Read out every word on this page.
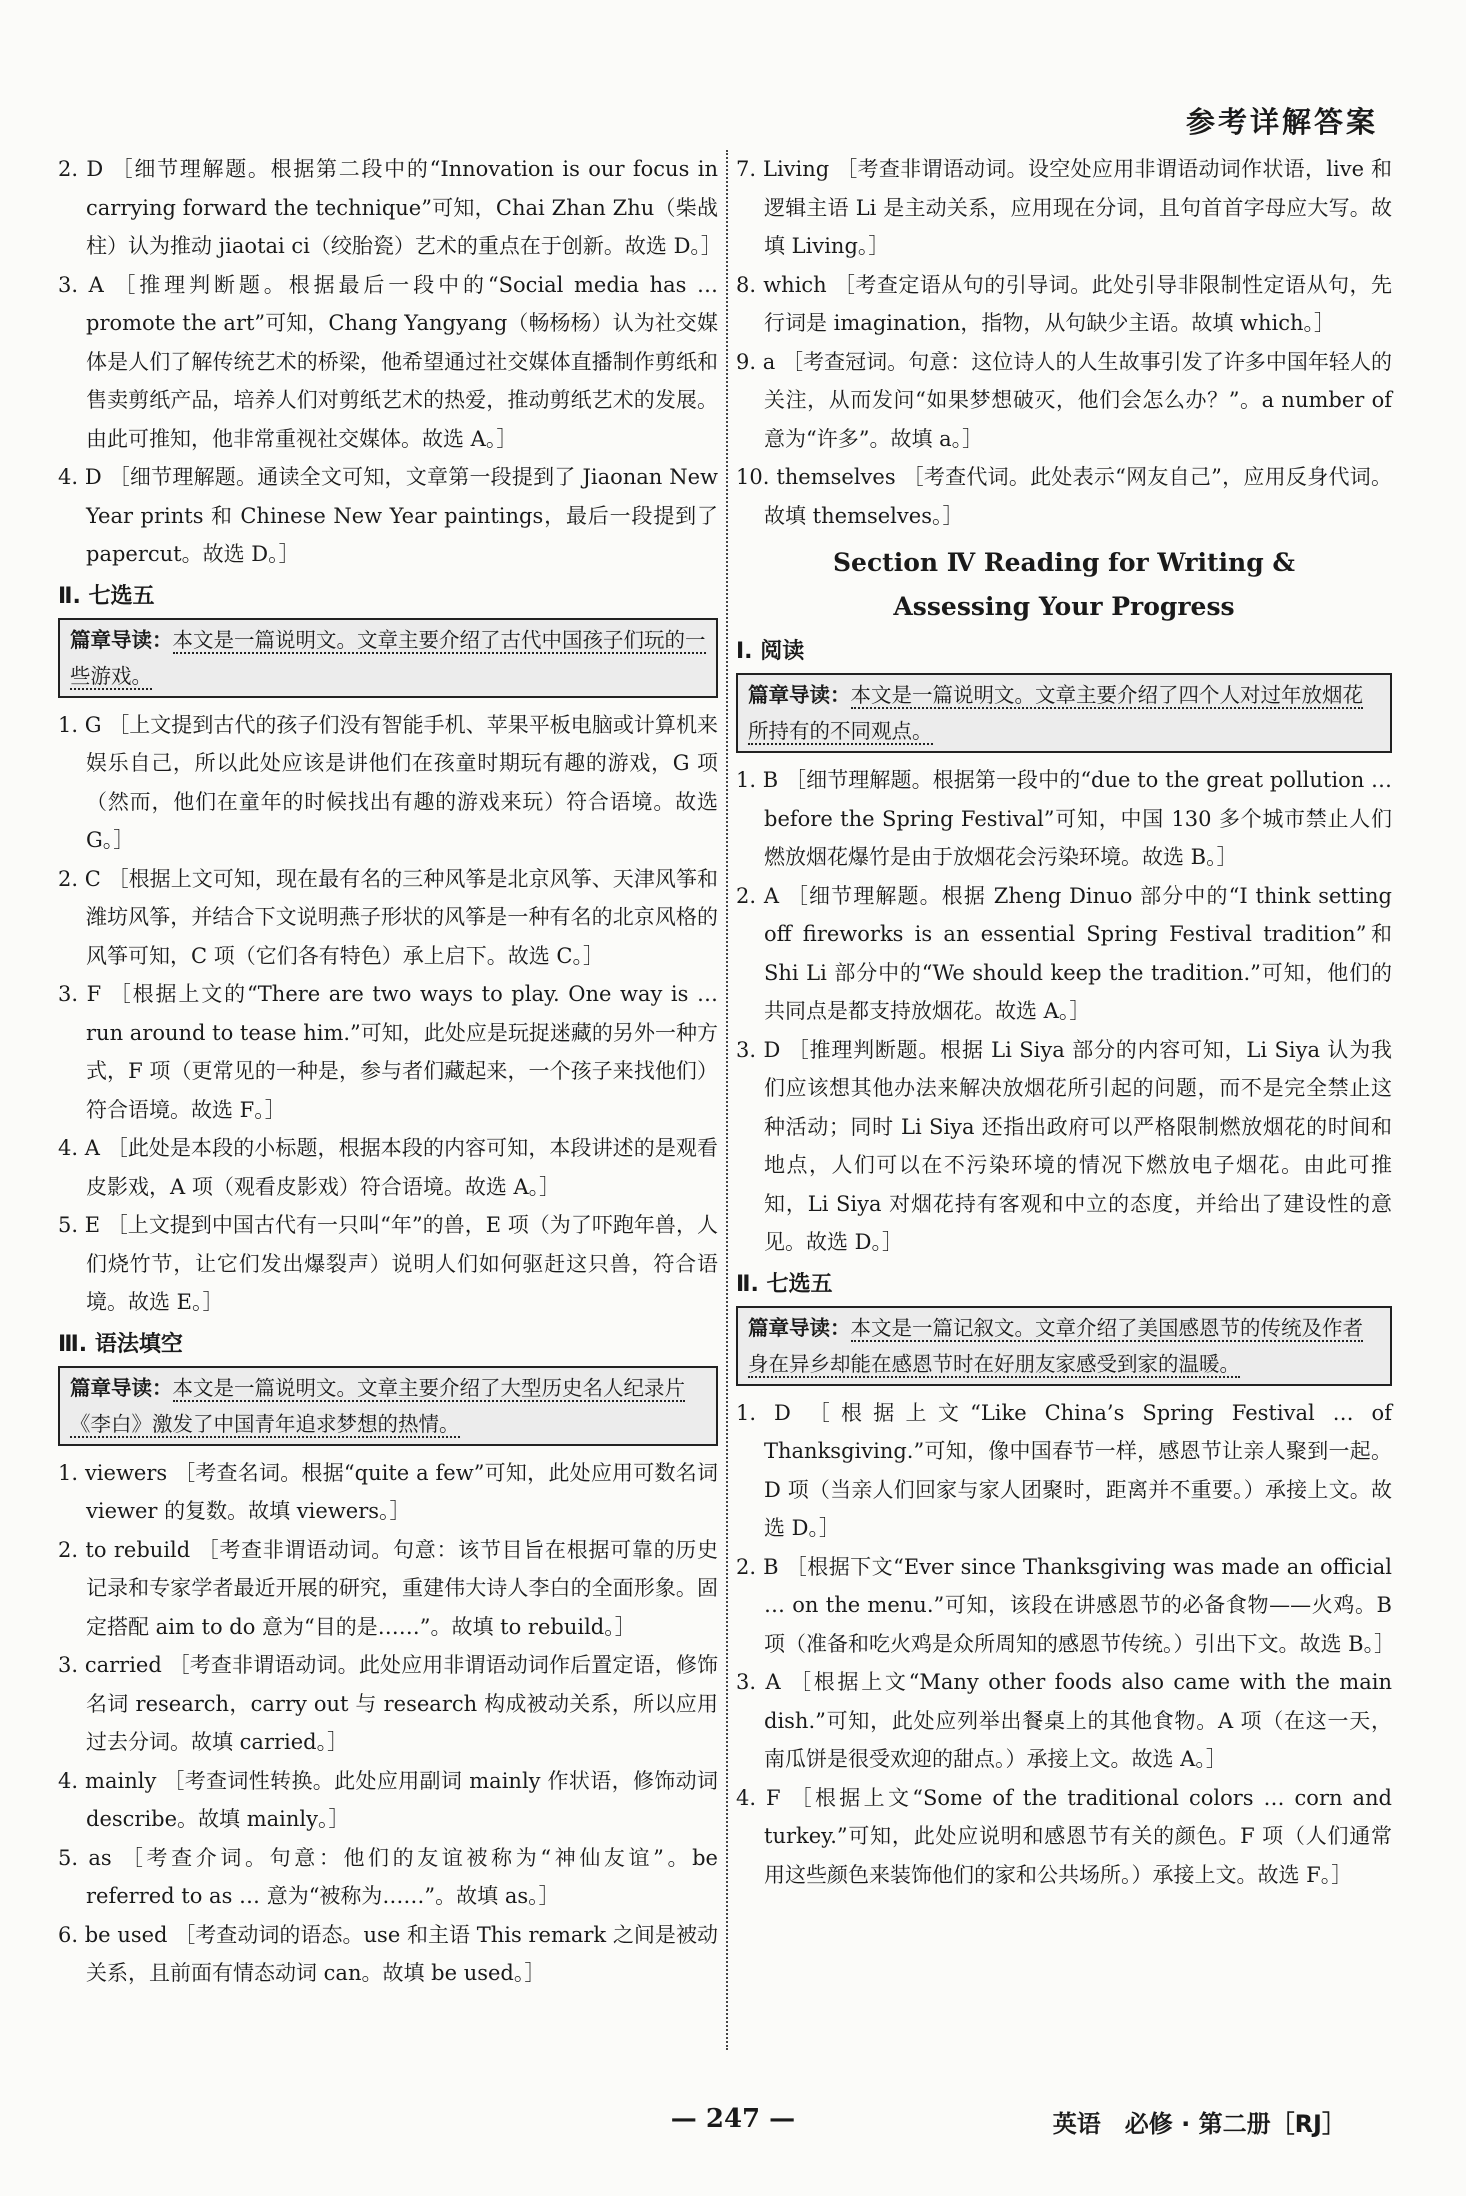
参考详解答案

2. D ［细节理解题。根据第二段中的“Innovation is our focus in carrying forward the technique”可知，Chai Zhan Zhu（柴战柱）认为推动 jiaotai ci（绞胎瓷）艺术的重点在于创新。故选 D。］

3. A ［推理判断题。根据最后一段中的“Social media has … promote the art”可知，Chang Yangyang（畅杨杨）认为社交媒体是人们了解传统艺术的桥梁，他希望通过社交媒体直播制作剪纸和售卖剪纸产品，培养人们对剪纸艺术的热爱，推动剪纸艺术的发展。由此可推知，他非常重视社交媒体。故选 A。］

4. D ［细节理解题。通读全文可知，文章第一段提到了 Jiaonan New Year prints 和 Chinese New Year paintings，最后一段提到了 papercut。故选 D。］

Ⅱ. 七选五
篇章导读：本文是一篇说明文。文章主要介绍了古代中国孩子们玩的一些游戏。

1. G ［上文提到古代的孩子们没有智能手机、苹果平板电脑或计算机来娱乐自己，所以此处应该是讲他们在孩童时期玩有趣的游戏，G 项（然而，他们在童年的时候找出有趣的游戏来玩）符合语境。故选 G。］

2. C ［根据上文可知，现在最有名的三种风筝是北京风筝、天津风筝和潍坊风筝，并结合下文说明燕子形状的风筝是一种有名的北京风格的风筝可知，C 项（它们各有特色）承上启下。故选 C。］

3. F ［根据上文的“There are two ways to play. One way is … run around to tease him.”可知，此处应是玩捉迷藏的另外一种方式，F 项（更常见的一种是，参与者们藏起来，一个孩子来找他们）符合语境。故选 F。］

4. A ［此处是本段的小标题，根据本段的内容可知，本段讲述的是观看皮影戏，A 项（观看皮影戏）符合语境。故选 A。］

5. E ［上文提到中国古代有一只叫“年”的兽，E 项（为了吓跑年兽，人们烧竹节，让它们发出爆裂声）说明人们如何驱赶这只兽，符合语境。故选 E。］

Ⅲ. 语法填空
篇章导读：本文是一篇说明文。文章主要介绍了大型历史名人纪录片《李白》激发了中国青年追求梦想的热情。

1. viewers ［考查名词。根据“quite a few”可知，此处应用可数名词 viewer 的复数。故填 viewers。］

2. to rebuild ［考查非谓语动词。句意：该节目旨在根据可靠的历史记录和专家学者最近开展的研究，重建伟大诗人李白的全面形象。固定搭配 aim to do 意为“目的是……”。故填 to rebuild。］

3. carried ［考查非谓语动词。此处应用非谓语动词作后置定语，修饰名词 research，carry out 与 research 构成被动关系，所以应用过去分词。故填 carried。］

4. mainly ［考查词性转换。此处应用副词 mainly 作状语，修饰动词 describe。故填 mainly。］

5. as ［考查介词。句意：他们的友谊被称为“神仙友谊”。be referred to as … 意为“被称为……”。故填 as。］

6. be used ［考查动词的语态。use 和主语 This remark 之间是被动关系，且前面有情态动词 can。故填 be used。］

7. Living ［考查非谓语动词。设空处应用非谓语动词作状语，live 和逻辑主语 Li 是主动关系，应用现在分词，且句首首字母应大写。故填 Living。］

8. which ［考查定语从句的引导词。此处引导非限制性定语从句，先行词是 imagination，指物，从句缺少主语。故填 which。］

9. a ［考查冠词。句意：这位诗人的人生故事引发了许多中国年轻人的关注，从而发问“如果梦想破灭，他们会怎么办？”。a number of 意为“许多”。故填 a。］

10. themselves ［考查代词。此处表示“网友自己”，应用反身代词。故填 themselves。］

Section Ⅳ Reading for Writing &
Assessing Your Progress
Ⅰ. 阅读
篇章导读：本文是一篇说明文。文章主要介绍了四个人对过年放烟花所持有的不同观点。

1. B ［细节理解题。根据第一段中的“due to the great pollution … before the Spring Festival”可知，中国 130 多个城市禁止人们燃放烟花爆竹是由于放烟花会污染环境。故选 B。］

2. A ［细节理解题。根据 Zheng Dinuo 部分中的“I think setting off fireworks is an essential Spring Festival tradition”和 Shi Li 部分中的“We should keep the tradition.”可知，他们的共同点是都支持放烟花。故选 A。］

3. D ［推理判断题。根据 Li Siya 部分的内容可知，Li Siya 认为我们应该想其他办法来解决放烟花所引起的问题，而不是完全禁止这种活动；同时 Li Siya 还指出政府可以严格限制燃放烟花的时间和地点，人们可以在不污染环境的情况下燃放电子烟花。由此可推知，Li Siya 对烟花持有客观和中立的态度，并给出了建设性的意见。故选 D。］

Ⅱ. 七选五
篇章导读：本文是一篇记叙文。文章介绍了美国感恩节的传统及作者身在异乡却能在感恩节时在好朋友家感受到家的温暖。

1. D ［根据上文“Like China’s Spring Festival … of Thanksgiving.”可知，像中国春节一样，感恩节让亲人聚到一起。D 项（当亲人们回家与家人团聚时，距离并不重要。）承接上文。故选 D。］

2. B ［根据下文“Ever since Thanksgiving was made an official … on the menu.”可知，该段在讲感恩节的必备食物——火鸡。B 项（准备和吃火鸡是众所周知的感恩节传统。）引出下文。故选 B。］

3. A ［根据上文“Many other foods also came with the main dish.”可知，此处应列举出餐桌上的其他食物。A 项（在这一天，南瓜饼是很受欢迎的甜点。）承接上文。故选 A。］

4. F ［根据上文“Some of the traditional colors … corn and turkey.”可知，此处应说明和感恩节有关的颜色。F 项（人们通常用这些颜色来装饰他们的家和公共场所。）承接上文。故选 F。］

— 247 —	英语　必修 · 第二册［RJ］
